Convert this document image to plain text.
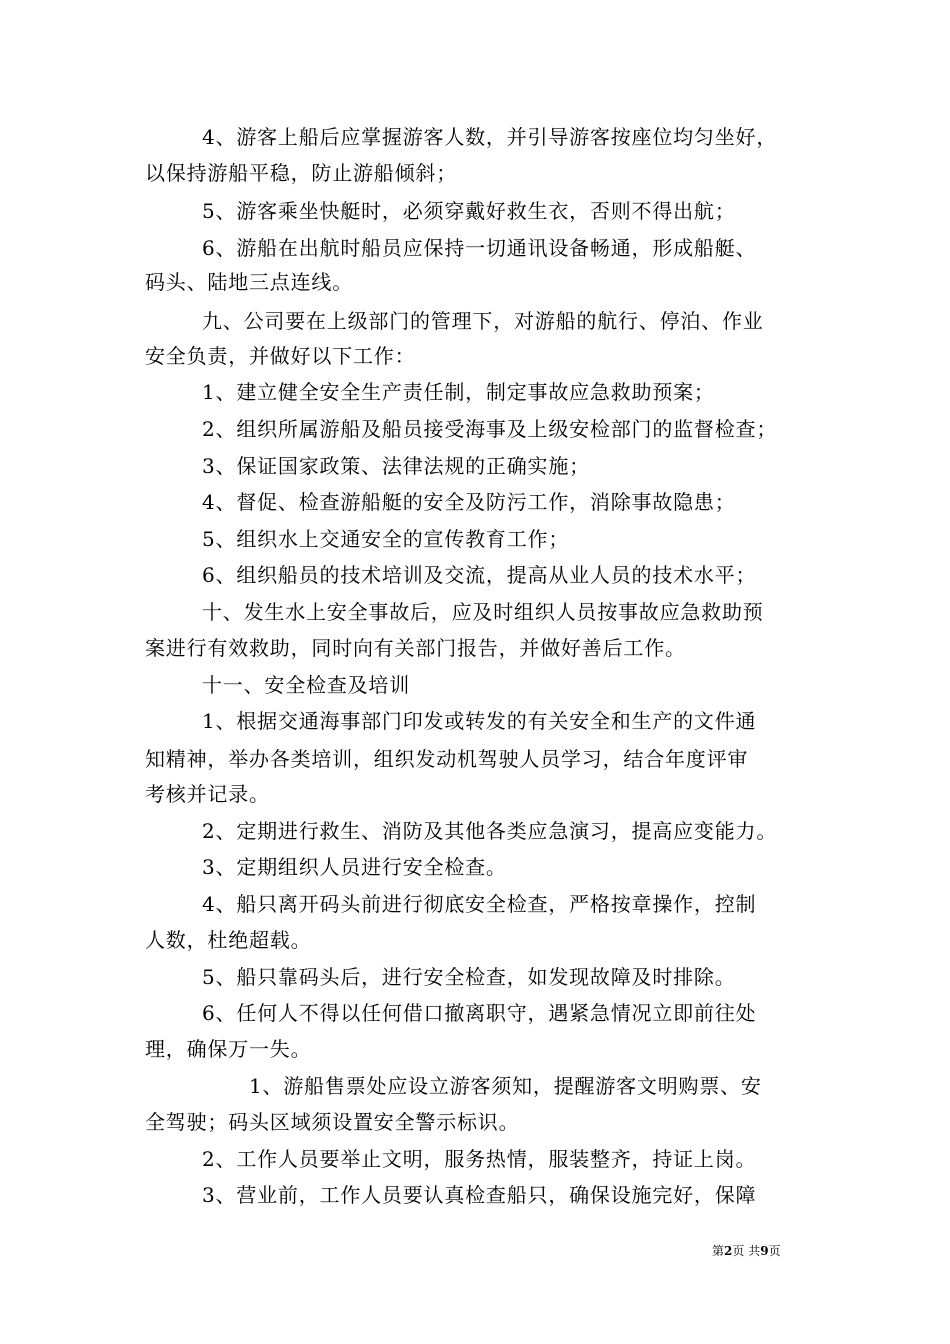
4、游客上船后应掌握游客人数，并引导游客按座位均匀坐好，
以保持游船平稳，防止游船倾斜；
5、游客乘坐快艇时，必须穿戴好救生衣，否则不得出航；
6、游船在出航时船员应保持一切通讯设备畅通，形成船艇、
码头、陆地三点连线。
九、公司要在上级部门的管理下，对游船的航行、停泊、作业
安全负责，并做好以下工作：
1、建立健全安全生产责任制，制定事故应急救助预案；
2、组织所属游船及船员接受海事及上级安检部门的监督检查；
3、保证国家政策、法律法规的正确实施；
4、督促、检查游船艇的安全及防污工作，消除事故隐患；
5、组织水上交通安全的宣传教育工作；
6、组织船员的技术培训及交流，提高从业人员的技术水平；
十、发生水上安全事故后，应及时组织人员按事故应急救助预
案进行有效救助，同时向有关部门报告，并做好善后工作。
十一、安全检查及培训
1、根据交通海事部门印发或转发的有关安全和生产的文件通
知精神，举办各类培训，组织发动机驾驶人员学习，结合年度评审
考核并记录。
2、定期进行救生、消防及其他各类应急演习，提高应变能力。
3、定期组织人员进行安全检查。
4、船只离开码头前进行彻底安全检查，严格按章操作，控制
人数，杜绝超载。
5、船只靠码头后，进行安全检查，如发现故障及时排除。
6、任何人不得以任何借口撤离职守，遇紧急情况立即前往处
理，确保万一失。
1、游船售票处应设立游客须知，提醒游客文明购票、安
全驾驶；码头区域须设置安全警示标识。
2、工作人员要举止文明，服务热情，服装整齐，持证上岗。
3、营业前，工作人员要认真检查船只，确保设施完好，保障
第2页 共9页
